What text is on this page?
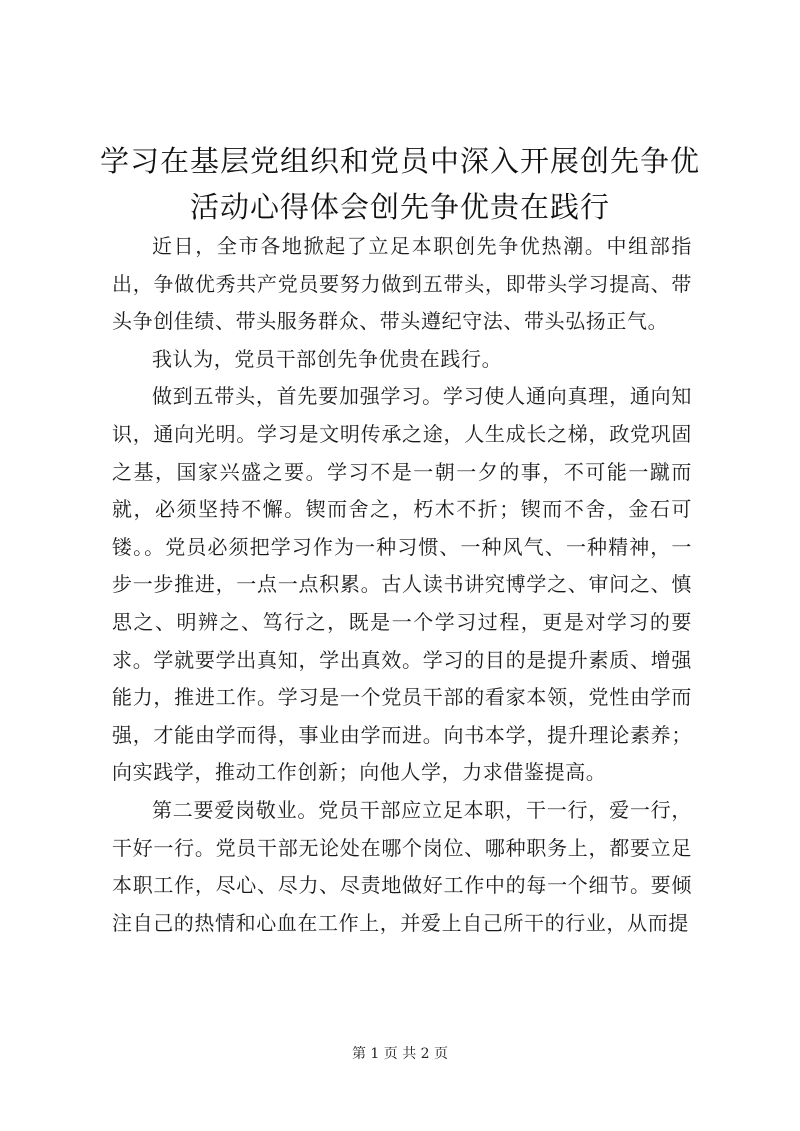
学习在基层党组织和党员中深入开展创先争优
活动心得体会创先争优贵在践行

近日，全市各地掀起了立足本职创先争优热潮。中组部指出，争做优秀共产党员要努力做到五带头，即带头学习提高、带头争创佳绩、带头服务群众、带头遵纪守法、带头弘扬正气。

我认为，党员干部创先争优贵在践行。

做到五带头，首先要加强学习。学习使人通向真理，通向知识，通向光明。学习是文明传承之途，人生成长之梯，政党巩固之基，国家兴盛之要。学习不是一朝一夕的事，不可能一蹴而就，必须坚持不懈。锲而舍之，朽木不折；锲而不舍，金石可镂。。党员必须把学习作为一种习惯、一种风气、一种精神，一步一步推进，一点一点积累。古人读书讲究博学之、审问之、慎思之、明辨之、笃行之，既是一个学习过程，更是对学习的要求。学就要学出真知，学出真效。学习的目的是提升素质、增强能力，推进工作。学习是一个党员干部的看家本领，党性由学而强，才能由学而得，事业由学而进。向书本学，提升理论素养；向实践学，推动工作创新；向他人学，力求借鉴提高。

第二要爱岗敬业。党员干部应立足本职，干一行，爱一行，干好一行。党员干部无论处在哪个岗位、哪种职务上，都要立足本职工作，尽心、尽力、尽责地做好工作中的每一个细节。要倾注自己的热情和心血在工作上，并爱上自己所干的行业，从而提

第 1 页 共 2 页
